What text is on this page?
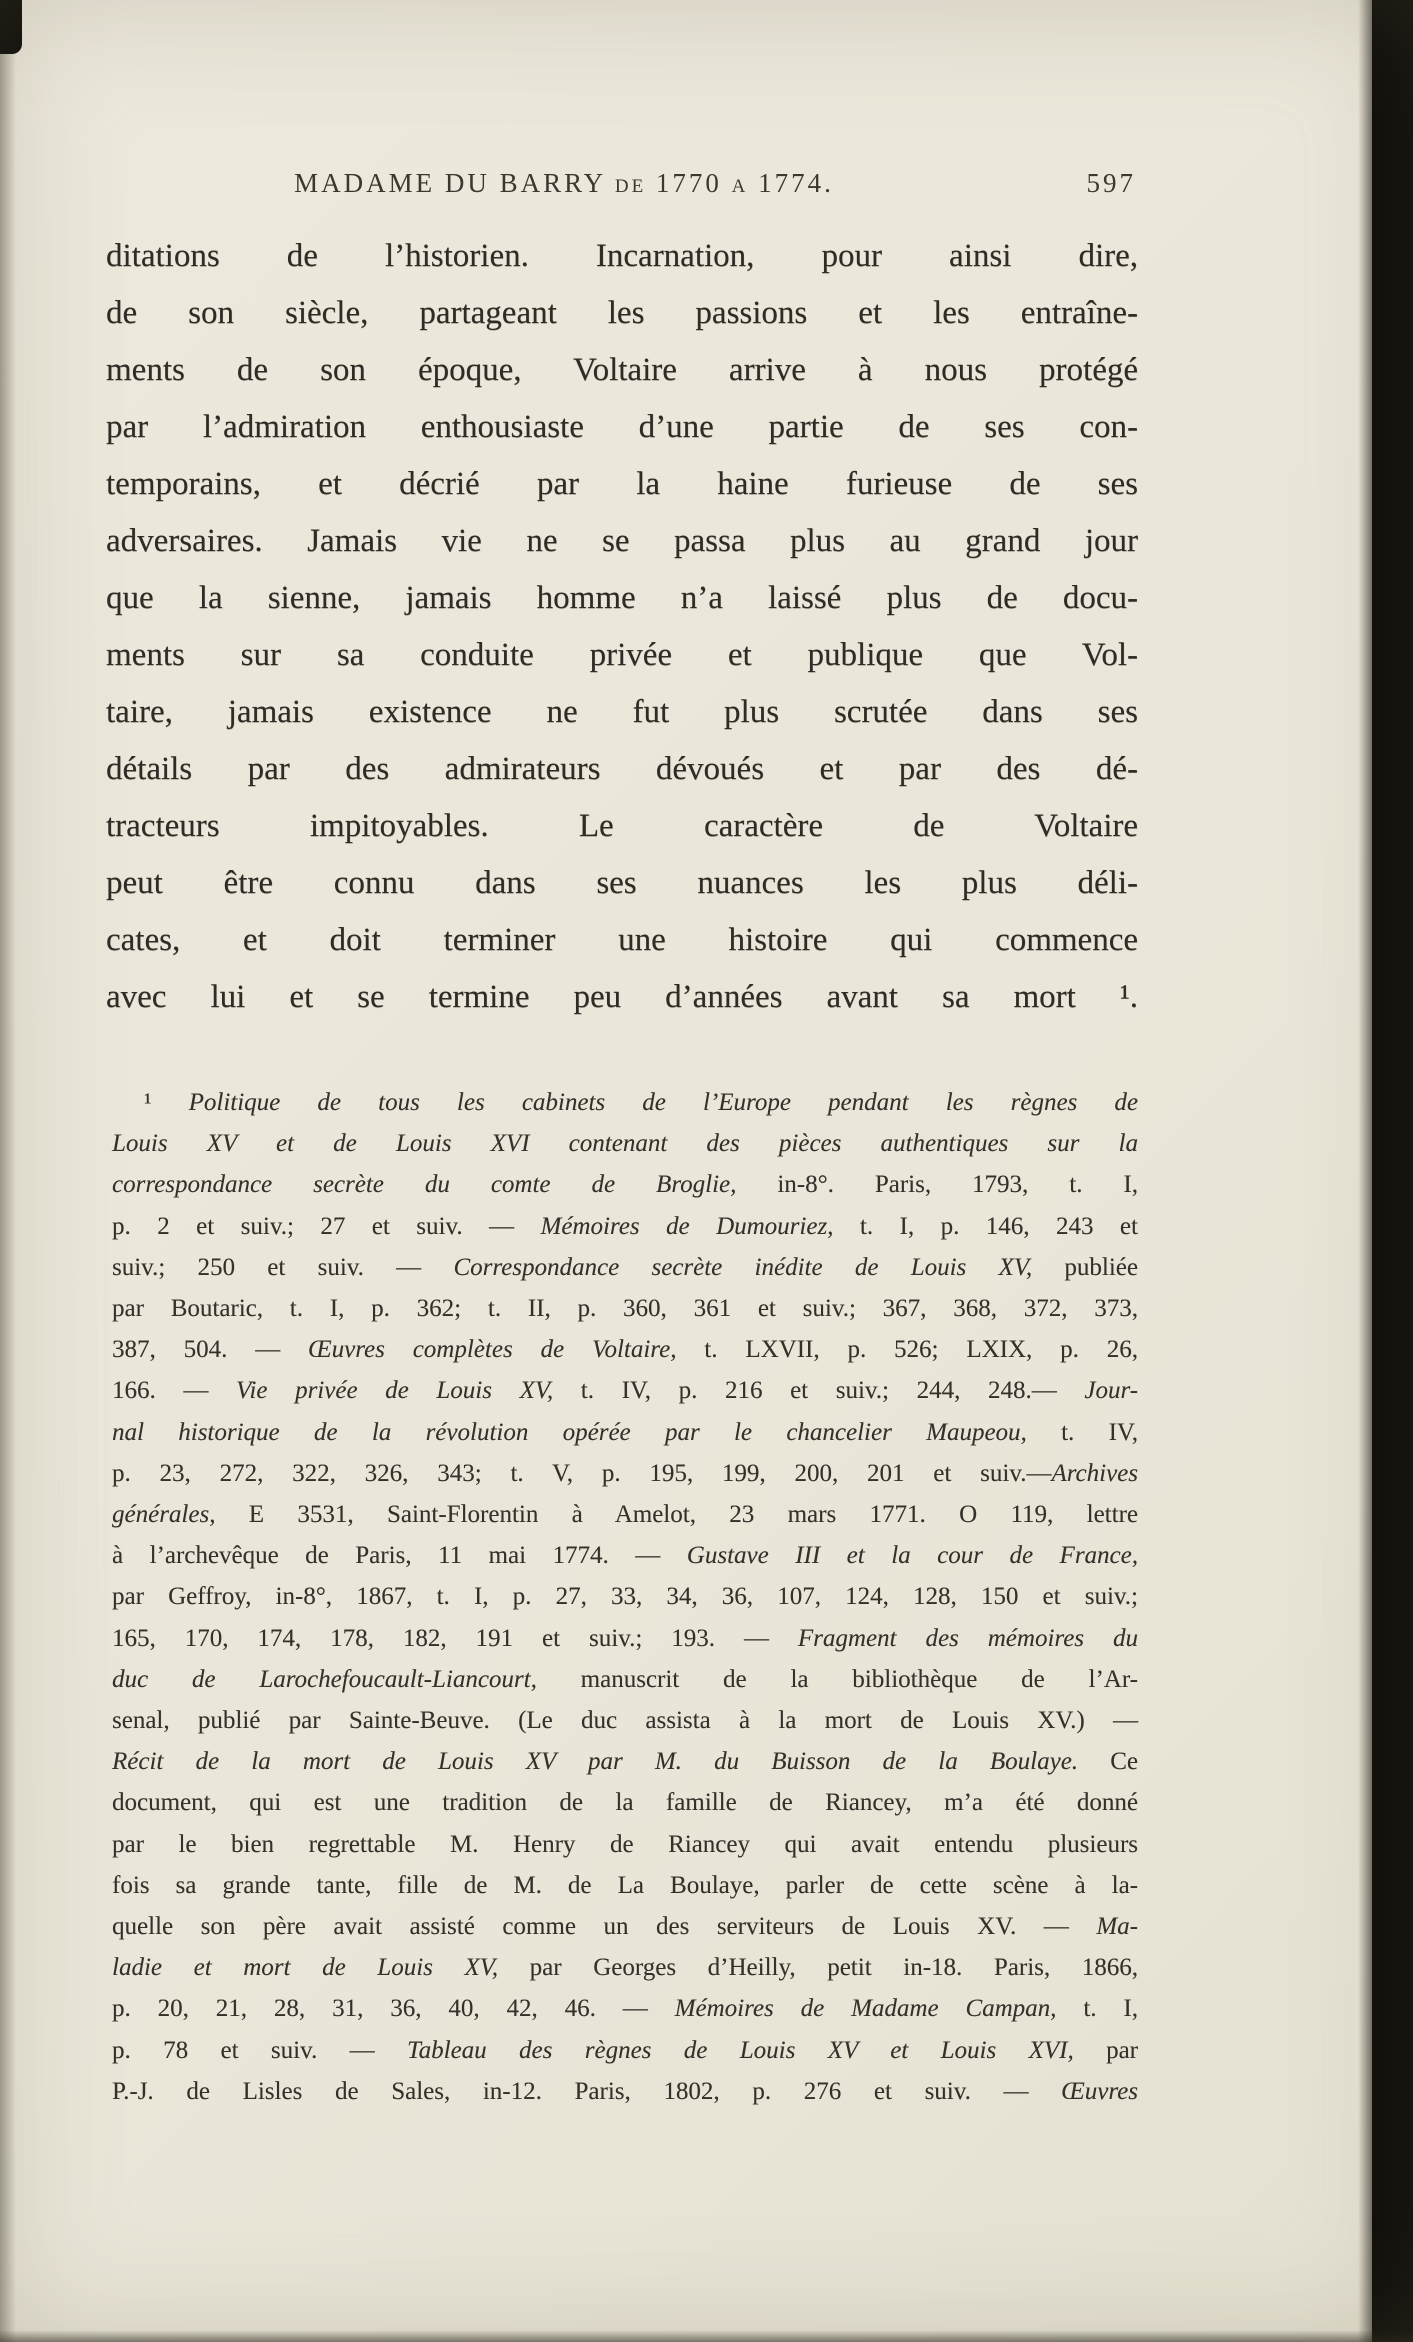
MADAME DU BARRY de 1770 a 1774.	597
ditations de l’historien. Incarnation, pour ainsi dire,
de son siècle, partageant les passions et les entraîne-
ments de son époque, Voltaire arrive à nous protégé
par l’admiration enthousiaste d’une partie de ses con-
temporains, et décrié par la haine furieuse de ses
adversaires. Jamais vie ne se passa plus au grand jour
que la sienne, jamais homme n’a laissé plus de docu-
ments sur sa conduite privée et publique que Vol-
taire, jamais existence ne fut plus scrutée dans ses
détails par des admirateurs dévoués et par des dé-
tracteurs impitoyables. Le caractère de Voltaire
peut être connu dans ses nuances les plus déli-
cates, et doit terminer une histoire qui commence
avec lui et se termine peu d’années avant sa mort ¹.
¹ Politique de tous les cabinets de l’Europe pendant les règnes de
Louis XV et de Louis XVI contenant des pièces authentiques sur la
correspondance secrète du comte de Broglie, in-8°. Paris, 1793, t. I,
p. 2 et suiv.; 27 et suiv. — Mémoires de Dumouriez, t. I, p. 146, 243 et
suiv.; 250 et suiv. — Correspondance secrète inédite de Louis XV, publiée
par Boutaric, t. I, p. 362; t. II, p. 360, 361 et suiv.; 367, 368, 372, 373,
387, 504. — Œuvres complètes de Voltaire, t. LXVII, p. 526; LXIX, p. 26,
166. — Vie privée de Louis XV, t. IV, p. 216 et suiv.; 244, 248.— Jour-
nal historique de la révolution opérée par le chancelier Maupeou, t. IV,
p. 23, 272, 322, 326, 343; t. V, p. 195, 199, 200, 201 et suiv.—Archives
générales, E 3531, Saint-Florentin à Amelot, 23 mars 1771. O 119, lettre
à l’archevêque de Paris, 11 mai 1774. — Gustave III et la cour de France,
par Geffroy, in-8°, 1867, t. I, p. 27, 33, 34, 36, 107, 124, 128, 150 et suiv.;
165, 170, 174, 178, 182, 191 et suiv.; 193. — Fragment des mémoires du
duc de Larochefoucault-Liancourt, manuscrit de la bibliothèque de l’Ar-
senal, publié par Sainte-Beuve. (Le duc assista à la mort de Louis XV.) —
Récit de la mort de Louis XV par M. du Buisson de la Boulaye. Ce
document, qui est une tradition de la famille de Riancey, m’a été donné
par le bien regrettable M. Henry de Riancey qui avait entendu plusieurs
fois sa grande tante, fille de M. de La Boulaye, parler de cette scène à la-
quelle son père avait assisté comme un des serviteurs de Louis XV. — Ma-
ladie et mort de Louis XV, par Georges d’Heilly, petit in-18. Paris, 1866,
p. 20, 21, 28, 31, 36, 40, 42, 46. — Mémoires de Madame Campan, t. I,
p. 78 et suiv. — Tableau des règnes de Louis XV et Louis XVI, par
P.-J. de Lisles de Sales, in-12. Paris, 1802, p. 276 et suiv. — Œuvres
